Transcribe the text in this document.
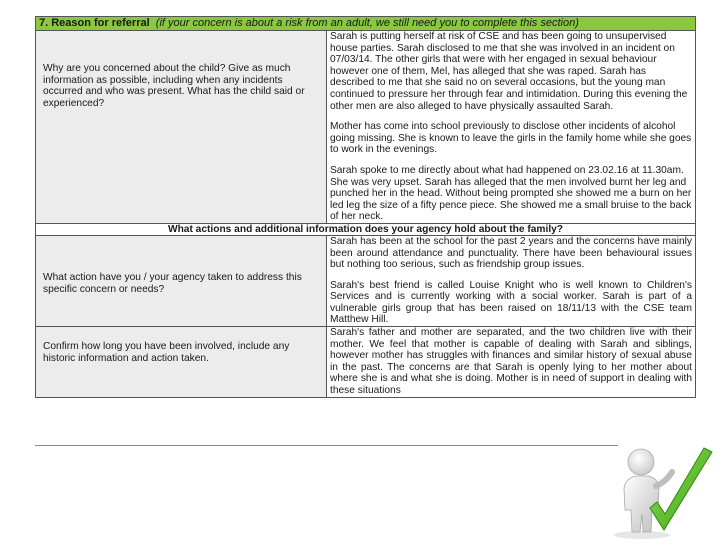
7. Reason for referral (if your concern is about a risk from an adult, we still need you to complete this section)	

Why are you concerned about the child? Give as much information as possible, including when any incidents occurred and who was present. What has the child said or experienced?	Sarah is putting herself at risk of CSE and has been going to unsupervised house parties. Sarah disclosed to me that she was involved in an incident on 07/03/14. The other girls that were with her engaged in sexual behaviour however one of them, Mel, has alleged that she was raped. Sarah has described to me that she said no on several occasions, but the young man continued to pressure her through fear and intimidation. During this evening the other men are also alleged to have physically assaulted Sarah.

Mother has come into school previously to disclose other incidents of alcohol going missing. She is known to leave the girls in the family home while she goes to work in the evenings.

Sarah spoke to me directly about what had happened on 23.02.16 at 11.30am. She was very upset. Sarah has alleged that the men involved burnt her leg and punched her in the head. Without being prompted she showed me a burn on her led leg the size of a fifty pence piece. She showed me a small bruise to the back of her neck.

What actions and additional information does your agency hold about the family?	

What action have you / your agency taken to address this specific concern or needs?	Sarah has been at the school for the past 2 years and the concerns have mainly been around attendance and punctuality. There have been behavioural issues but nothing too serious, such as friendship group issues.

Sarah's best friend is called Louise Knight who is well known to Children's Services and is currently working with a social worker. Sarah is part of a vulnerable girls group that has been raised on 18/11/13 with the CSE team Matthew Hill.

Confirm how long you have been involved, include any historic information and action taken.	Sarah's father and mother are separated, and the two children live with their mother. We feel that mother is capable of dealing with Sarah and siblings, however mother has struggles with finances and similar history of sexual abuse in the past. The concerns are that Sarah is openly lying to her mother about where she is and what she is doing. Mother is in need of support in dealing with these situations
